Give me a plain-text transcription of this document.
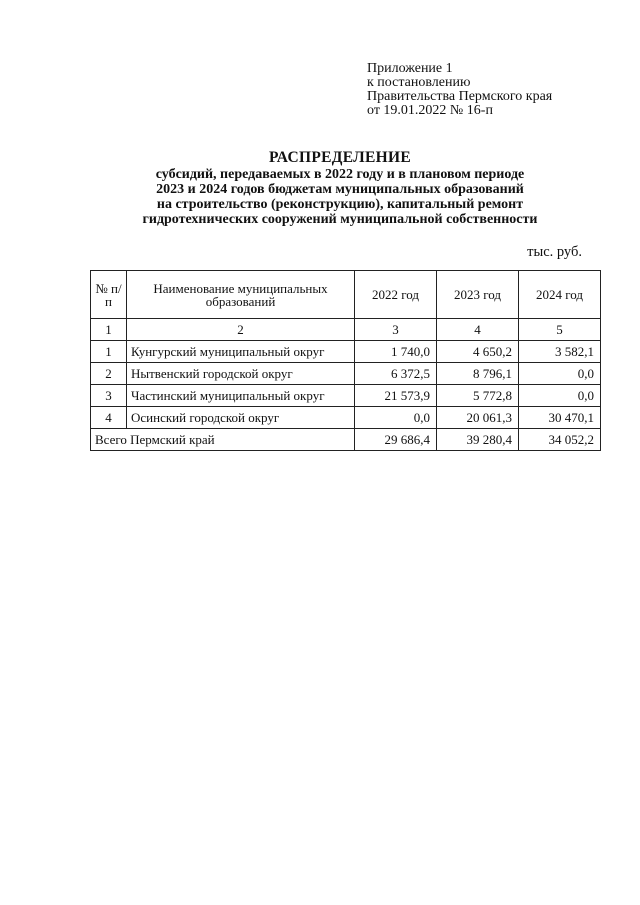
Приложение 1
к постановлению
Правительства Пермского края
от 19.01.2022 № 16-п
РАСПРЕДЕЛЕНИЕ
субсидий, передаваемых в 2022 году и в плановом периоде
2023 и 2024 годов бюджетам муниципальных образований
на строительство (реконструкцию), капитальный ремонт
гидротехнических сооружений муниципальной собственности
тыс. руб.
№ п/п	Наименование муниципальных образований	2022 год	2023 год	2024 год
1	2	3	4	5
1	Кунгурский муниципальный округ	1 740,0	4 650,2	3 582,1
2	Нытвенский городской округ	6 372,5	8 796,1	0,0
3	Частинский муниципальный округ	21 573,9	5 772,8	0,0
4	Осинский городской округ	0,0	20 061,3	30 470,1
Всего Пермский край		29 686,4	39 280,4	34 052,2
